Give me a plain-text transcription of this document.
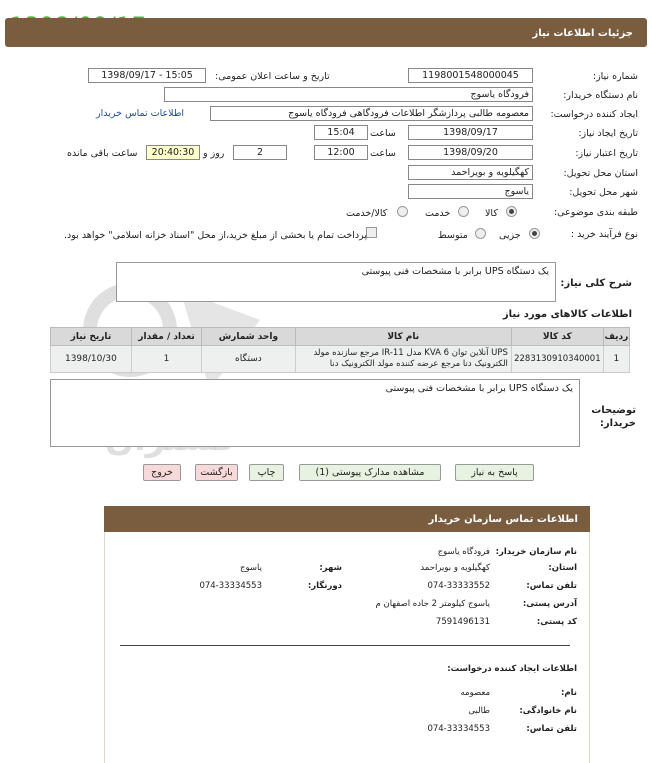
جزئیات اطلاعات نیاز
شماره نیاز:
1198001548000045
تاریخ و ساعت اعلان عمومی:
1398/09/17 - 15:05
نام دستگاه خریدار:
فرودگاه یاسوج
ایجاد کننده درخواست:
معصومه طالبی پردازشگر اطلاعات فرودگاهی فرودگاه یاسوج
اطلاعات تماس خریدار
تاریخ ایجاد نیاز:
1398/09/17
ساعت
15:04
تاریخ اعتبار نیاز:
1398/09/20
ساعت
12:00
2
روز و
20:40:30
ساعت باقی مانده
استان محل تحویل:
کهگیلویه و بویراحمد
شهر محل تحویل:
یاسوج
طبقه بندی موضوعی:
کالا
خدمت
کالا/خدمت
نوع فرآیند خرید :
جزیی
متوسط
پرداخت تمام یا بخشی از مبلغ خرید،از محل "اسناد خزانه اسلامی" خواهد بود.
یک دستگاه UPS برابر با مشخصات فنی پیوستی
شرح کلی نیاز:
اطلاعات کالاهای مورد نیاز
تاریخ نیاز	تعداد / مقدار	واحد شمارش	نام کالا	کد کالا	ردیف
1398/10/30	1	دستگاه	UPS آنلاین توان KVA 6 مدل IR-11 مرجع سازنده مولد الکترونیک دنا مرجع عرضه کننده مولد الکترونیک دنا	2283130910340001	1
یک دستگاه UPS برابر با مشخصات فنی پیوستی
توضیحات خریدار:
پاسخ به نیاز
مشاهده مدارک پیوستی (1)
چاپ
بازگشت
خروج
اطلاعات تماس سازمان خریدار
نام سازمان خریدار:
فرودگاه یاسوج
استان:
کهگیلویه و بویراحمد
شهر:
یاسوج
تلفن تماس:
074-33333552
دورنگار:
074-33334553
آدرس پستی:
یاسوج کیلومتر 2 جاده اصفهان م
کد پستی:
7591496131
اطلاعات ایجاد کننده درخواست:
نام:
معصومه
نام خانوادگی:
طالبی
تلفن تماس:
074-33334553
